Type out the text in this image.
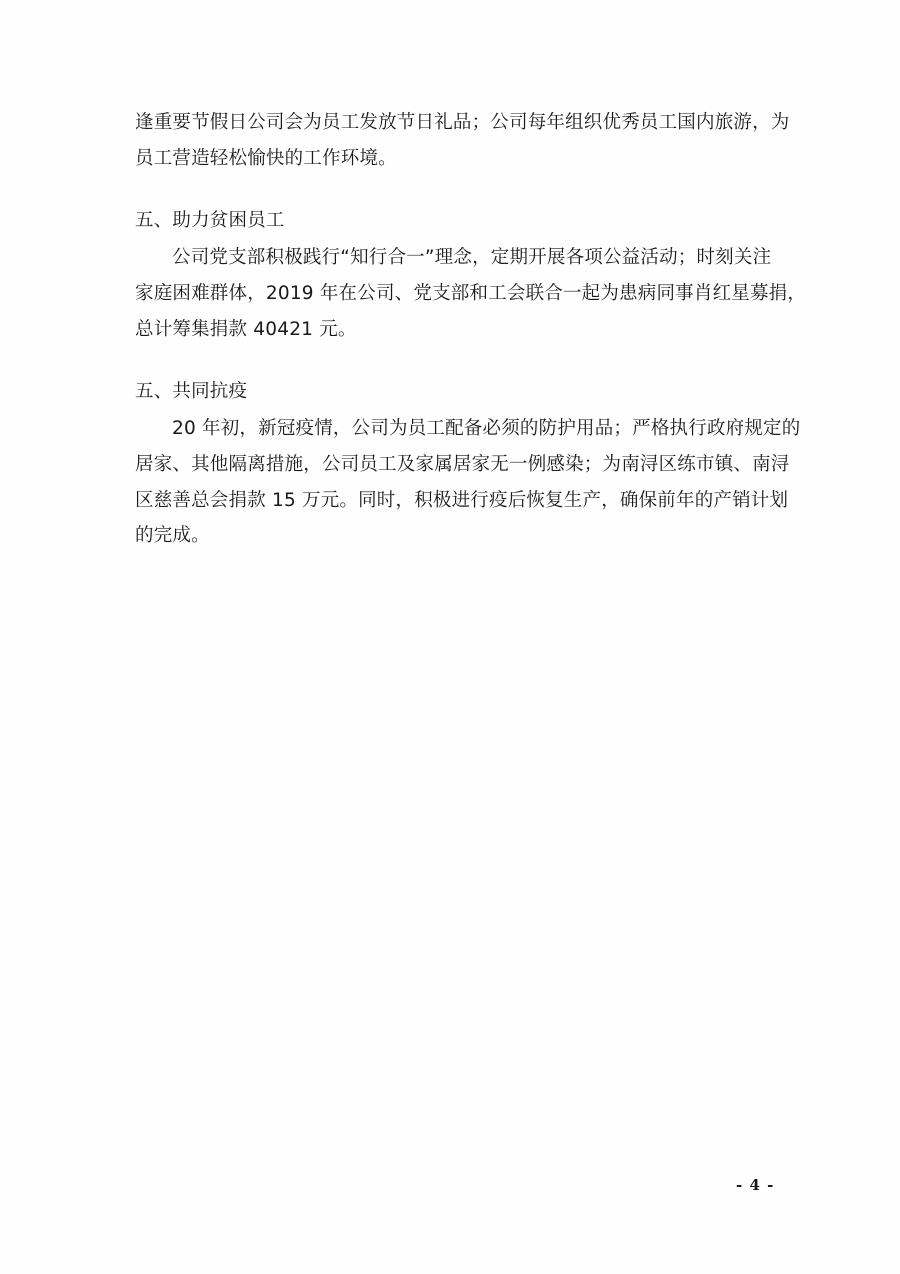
逢重要节假日公司会为员工发放节日礼品；公司每年组织优秀员工国内旅游，为
员工营造轻松愉快的工作环境。
五、助力贫困员工
公司党支部积极践行“知行合一”理念，定期开展各项公益活动；时刻关注
家庭困难群体，2019 年在公司、党支部和工会联合一起为患病同事肖红星募捐，
总计筹集捐款 40421 元。
五、共同抗疫
20 年初，新冠疫情，公司为员工配备必须的防护用品；严格执行政府规定的
居家、其他隔离措施，公司员工及家属居家无一例感染；为南浔区练市镇、南浔
区慈善总会捐款 15 万元。同时，积极进行疫后恢复生产，确保前年的产销计划
的完成。
- 4 -
